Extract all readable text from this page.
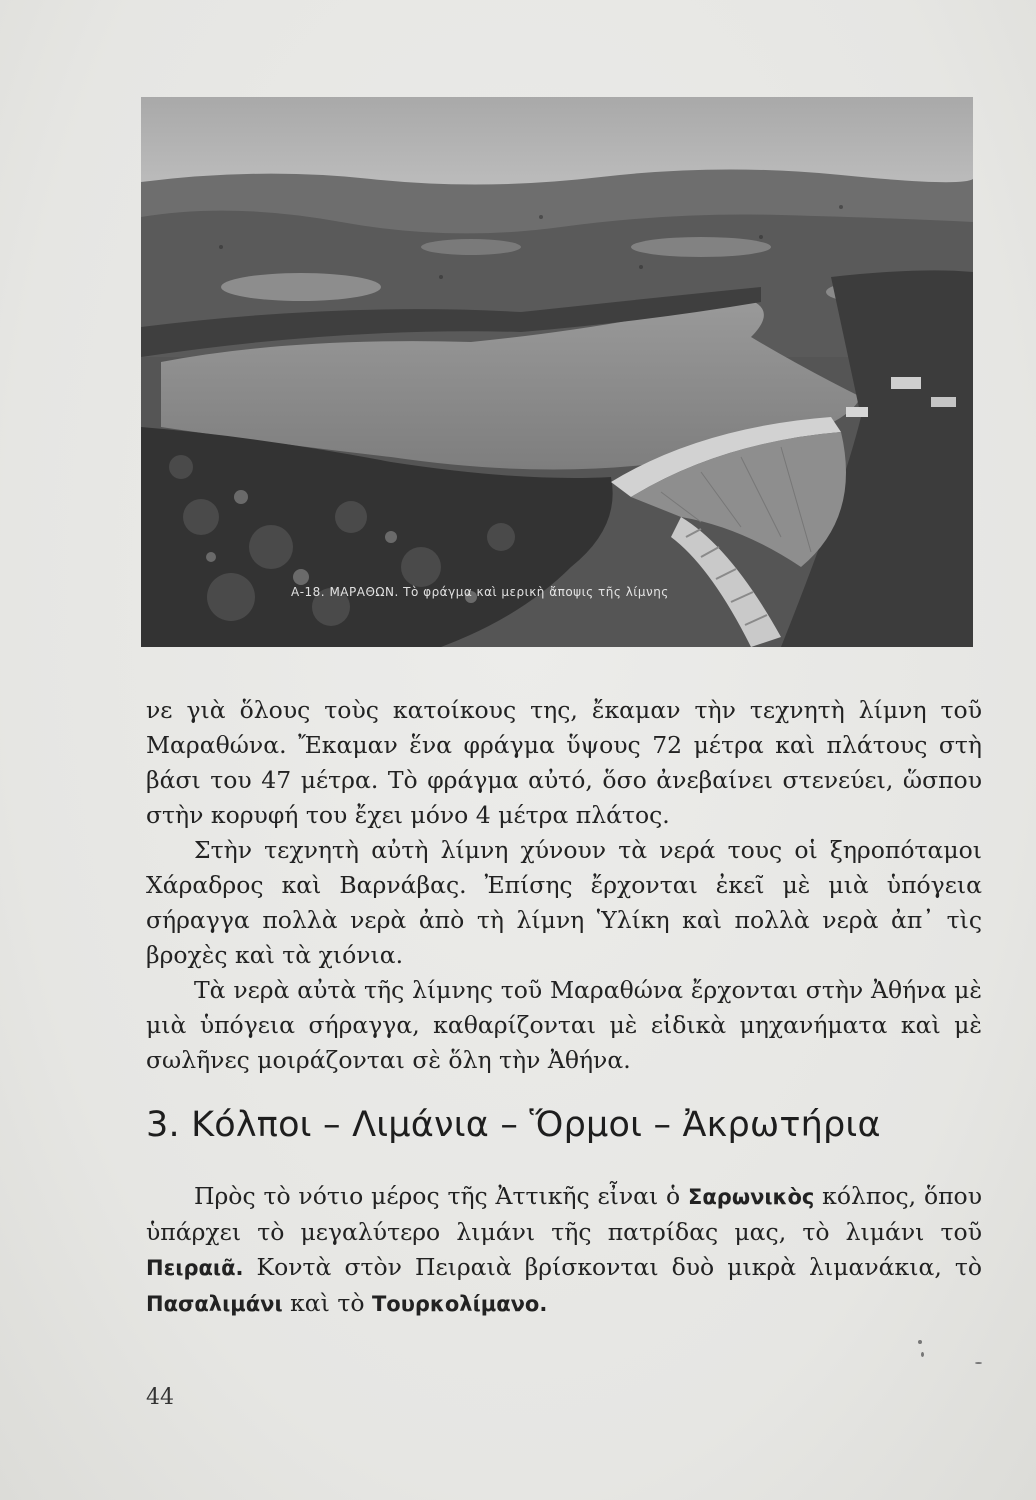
Α-18. ΜΑΡΑΘΩΝ. Τὸ φράγμα καὶ μερικὴ ἄποψις τῆς λίμνης

νε γιὰ ὅλους τοὺς κατοίκους της, ἔκαμαν τὴν τεχνητὴ λίμνη τοῦ Μαραθώνα. Ἔκαμαν ἕνα φράγμα ὕψους 72 μέτρα καὶ πλάτους στὴ βάσι του 47 μέτρα. Τὸ φράγμα αὐτό, ὅσο ἀνεβαίνει στενεύει, ὥσπου στὴν κορυφή του ἔχει μόνο 4 μέτρα πλάτος.

Στὴν τεχνητὴ αὐτὴ λίμνη χύνουν τὰ νερά τους οἱ ξηροπόταμοι Χάραδρος καὶ Βαρνάβας. Ἐπίσης ἔρχονται ἐκεῖ μὲ μιὰ ὑπόγεια σήραγγα πολλὰ νερὰ ἀπὸ τὴ λίμνη Ὑλίκη καὶ πολλὰ νερὰ ἀπ᾿ τὶς βροχὲς καὶ τὰ χιόνια.

Τὰ νερὰ αὐτὰ τῆς λίμνης τοῦ Μαραθώνα ἔρχονται στὴν Ἀθήνα μὲ μιὰ ὑπόγεια σήραγγα, καθαρίζονται μὲ εἰδικὰ μηχανήματα καὶ μὲ σωλῆνες μοιράζονται σὲ ὅλη τὴν Ἀθήνα.

3. Κόλποι – Λιμάνια – Ὅρμοι – Ἀκρωτήρια

Πρὸς τὸ νότιο μέρος τῆς Ἀττικῆς εἶναι ὁ Σαρωνικὸς κόλπος, ὅπου ὑπάρχει τὸ μεγαλύτερο λιμάνι τῆς πατρίδας μας, τὸ λιμάνι τοῦ Πειραιᾶ. Κοντὰ στὸν Πειραιὰ βρίσκονται δυὸ μικρὰ λιμανάκια, τὸ Πασαλιμάνι καὶ τὸ Τουρκολίμανο.

44
